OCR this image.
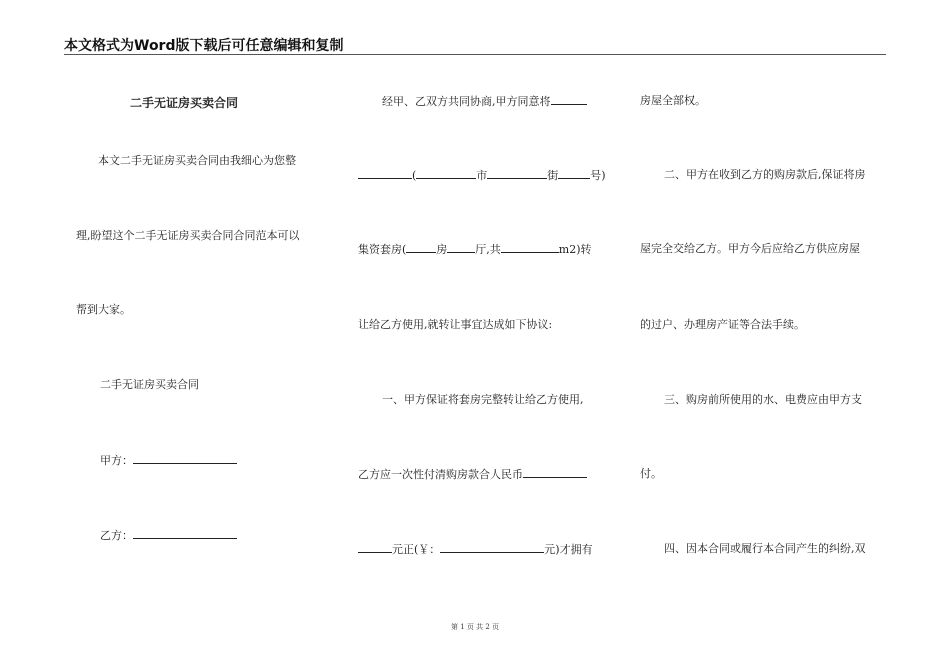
本文格式为Word版下载后可任意编辑和复制
二手无证房买卖合同
本文二手无证房买卖合同由我细心为您整
理,盼望这个二手无证房买卖合同合同范本可以
帮到大家。
二手无证房买卖合同
甲方：
乙方：
经甲、乙双方共同协商,甲方同意将
(	市	街	号)
集资套房(	房	厅,共	m2)转
让给乙方使用,就转让事宜达成如下协议:
一、甲方保证将套房完整转让给乙方使用,
乙方应一次性付清购房款合人民币
元正(￥：	元)才拥有
房屋全部权。
二、甲方在收到乙方的购房款后,保证将房
屋完全交给乙方。甲方今后应给乙方供应房屋
的过户、办理房产证等合法手续。
三、购房前所使用的水、电费应由甲方支
付。
四、因本合同或履行本合同产生的纠纷,双
第 1 页 共 2 页
